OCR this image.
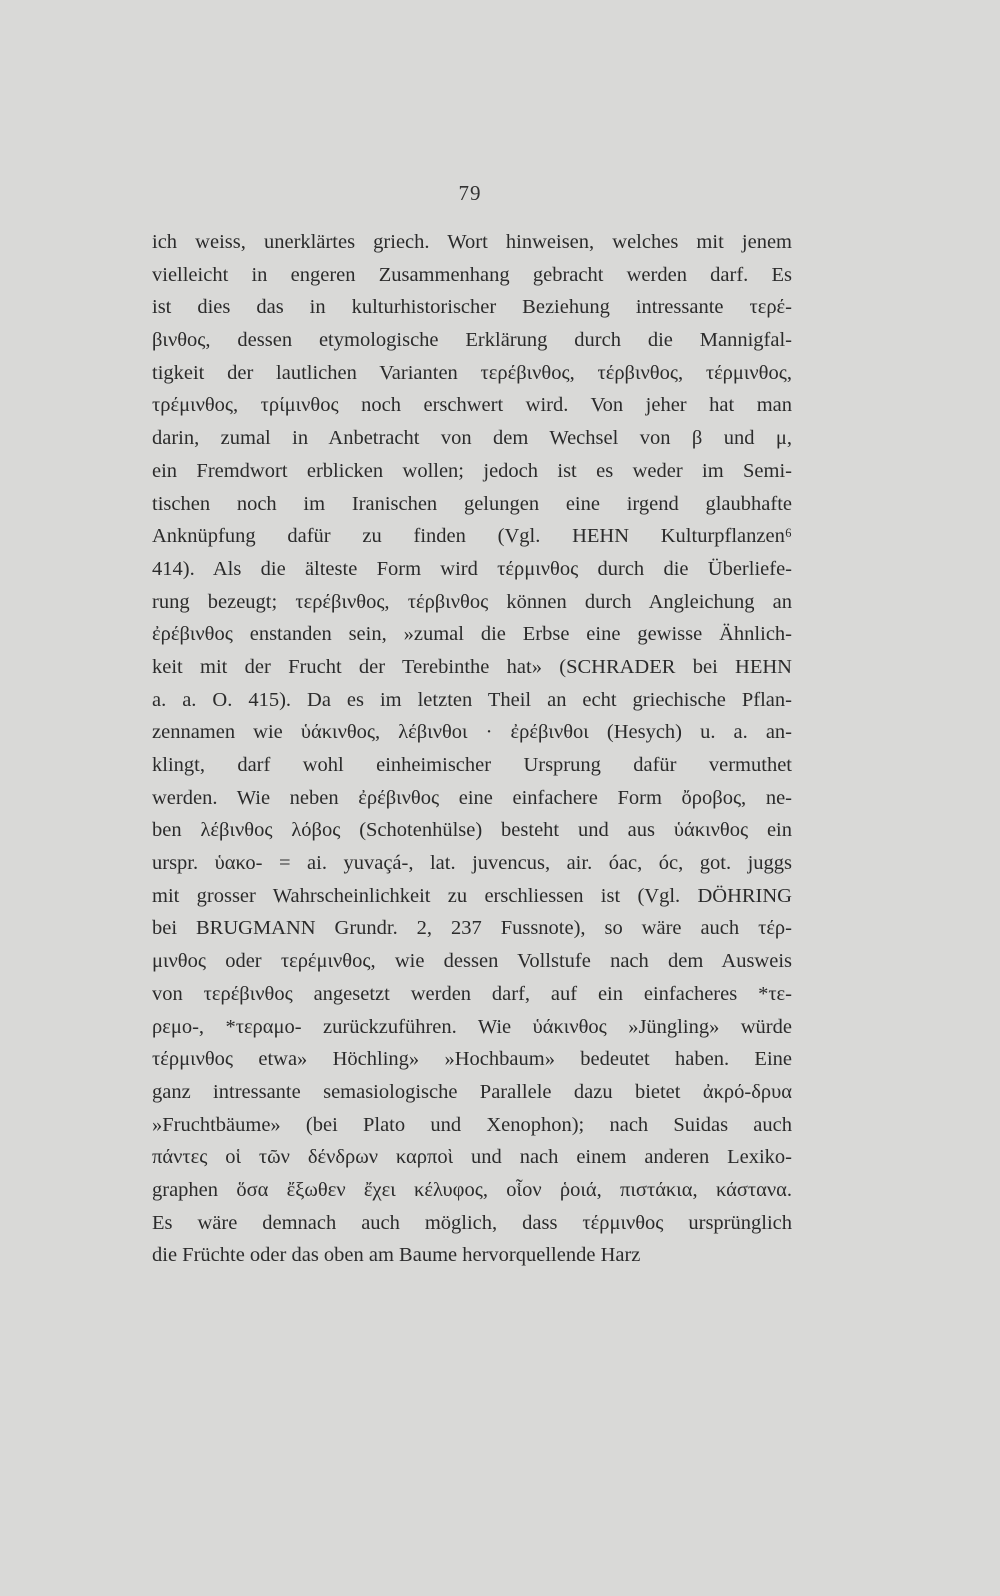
79
ich weiss, unerklärtes griech. Wort hinweisen, welches mit jenem
vielleicht in engeren Zusammenhang gebracht werden darf. Es
ist dies das in kulturhistorischer Beziehung intressante τερέ-
βινθος, dessen etymologische Erklärung durch die Mannigfal-
tigkeit der lautlichen Varianten τερέβινθος, τέρβινθος, τέρμινθος,
τρέμινθος, τρίμινθος noch erschwert wird. Von jeher hat man
darin, zumal in Anbetracht von dem Wechsel von β und μ,
ein Fremdwort erblicken wollen; jedoch ist es weder im Semi-
tischen noch im Iranischen gelungen eine irgend glaubhafte
Anknüpfung dafür zu finden (Vgl. HEHN Kulturpflanzen⁶
414). Als die älteste Form wird τέρμινθος durch die Überliefe-
rung bezeugt; τερέβινθος, τέρβινθος können durch Angleichung an
ἐρέβινθος enstanden sein, »zumal die Erbse eine gewisse Ähnlich-
keit mit der Frucht der Terebinthe hat» (SCHRADER bei HEHN
a. a. O. 415). Da es im letzten Theil an echt griechische Pflan-
zennamen wie ὑάκινθος, λέβινθοι · ἐρέβινθοι (Hesych) u. a. an-
klingt, darf wohl einheimischer Ursprung dafür vermuthet
werden. Wie neben ἐρέβινθος eine einfachere Form ὄροβος, ne-
ben λέβινθος λόβος (Schotenhülse) besteht und aus ὑάκινθος ein
urspr. ὑακο- = ai. yuvaçá-, lat. juvencus, air. óac, óc, got. juggs
mit grosser Wahrscheinlichkeit zu erschliessen ist (Vgl. DÖHRING
bei BRUGMANN Grundr. 2, 237 Fussnote), so wäre auch τέρ-
μινθος oder τερέμινθος, wie dessen Vollstufe nach dem Ausweis
von τερέβινθος angesetzt werden darf, auf ein einfacheres *τε-
ρεμο-, *τεραμο- zurückzuführen. Wie ὑάκινθος »Jüngling» würde
τέρμινθος etwa» Höchling» »Hochbaum» bedeutet haben. Eine
ganz intressante semasiologische Parallele dazu bietet ἀκρό-δρυα
»Fruchtbäume» (bei Plato und Xenophon); nach Suidas auch
πάντες οἱ τῶν δένδρων καρποὶ und nach einem anderen Lexiko-
graphen ὅσα ἔξωθεν ἔχει κέλυφος, οἷον ῥοιά, πιστάκια, κάστανα.
Es wäre demnach auch möglich, dass τέρμινθος ursprünglich
die Früchte oder das oben am Baume hervorquellende Harz
